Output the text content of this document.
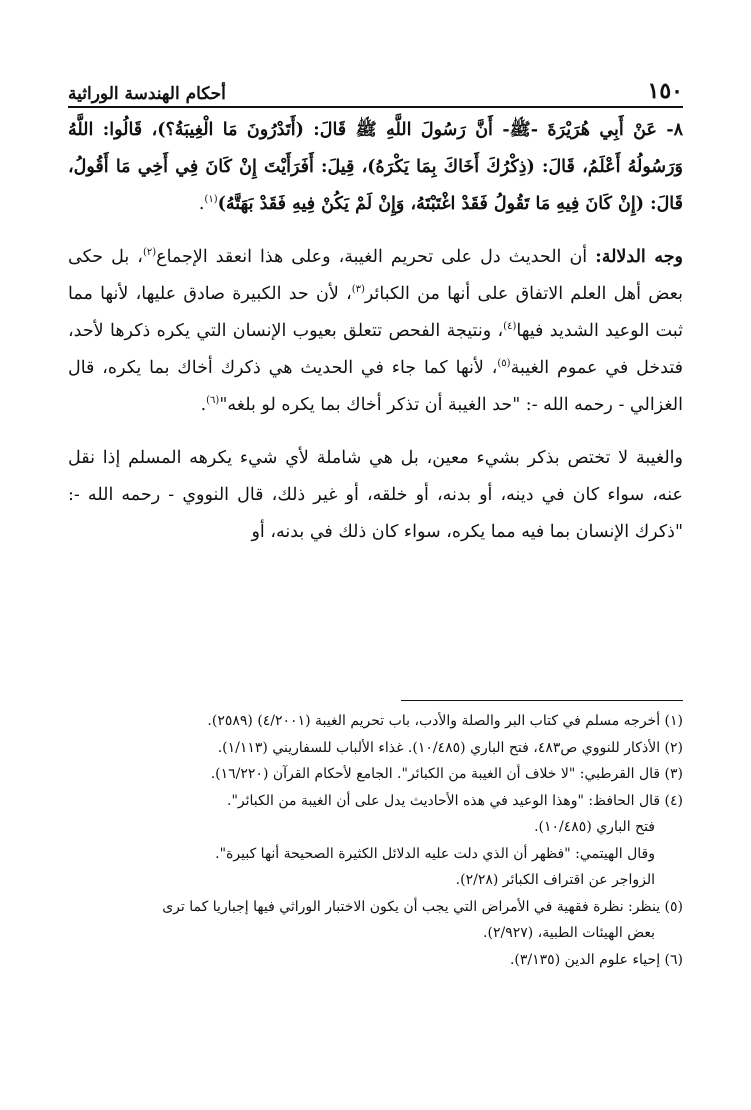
١٥٠
أحكام الهندسة الوراثية

٨- عَنْ أَبِي هُرَيْرَةَ -ﷺ- أَنَّ رَسُولَ اللَّهِ ﷺ قَالَ: (أَتَدْرُونَ مَا الْغِيبَةُ؟)، قَالُوا: اللَّهُ وَرَسُولُهُ أَعْلَمُ، قَالَ: (ذِكْرُكَ أَخَاكَ بِمَا يَكْرَهُ)، قِيلَ: أَفَرَأَيْتَ إِنْ كَانَ فِي أَخِي مَا أَقُولُ، قَالَ: (إِنْ كَانَ فِيهِ مَا تَقُولُ فَقَدْ اغْتَبْتَهُ، وَإِنْ لَمْ يَكُنْ فِيهِ فَقَدْ بَهَتَّهُ)$^{(١)}$.

وجه الدلالة: أن الحديث دل على تحريم الغيبة، وعلى هذا انعقد الإجماع$^{(٢)}$، بل حكى بعض أهل العلم الاتفاق على أنها من الكبائر$^{(٣)}$، لأن حد الكبيرة صادق عليها، لأنها مما ثبت الوعيد الشديد فيها$^{(٤)}$، ونتيجة الفحص تتعلق بعيوب الإنسان التي يكره ذكرها لأحد، فتدخل في عموم الغيبة$^{(٥)}$، لأنها كما جاء في الحديث هي ذكرك أخاك بما يكره، قال الغزالي - رحمه الله -: "حد الغيبة أن تذكر أخاك بما يكره لو بلغه"$^{(٦)}$.

والغيبة لا تختص بذكر بشيء معين، بل هي شاملة لأي شيء يكرهه المسلم إذا نقل عنه، سواء كان في دينه، أو بدنه، أو خلقه، أو غير ذلك، قال النووي - رحمه الله -: "ذكرك الإنسان بما فيه مما يكره، سواء كان ذلك في بدنه، أو

(١) أخرجه مسلم في كتاب البر والصلة والأدب، باب تحريم الغيبة (٤/٢٠٠١) (٢٥٨٩).

(٢) الأذكار للنووي ص٤٨٣، فتح الباري (١٠/٤٨٥). غذاء الألباب للسفاريني (١/١١٣).

(٣) قال القرطبي: "لا خلاف أن الغيبة من الكبائر". الجامع لأحكام القرآن (١٦/٢٢٠).

(٤) قال الحافظ: "وهذا الوعيد في هذه الأحاديث يدل على أن الغيبة من الكبائر".

فتح الباري (١٠/٤٨٥).

وقال الهيتمي: "فظهر أن الذي دلت عليه الدلائل الكثيرة الصحيحة أنها كبيرة".

الزواجر عن اقتراف الكبائر (٢/٢٨).

(٥) ينظر: نظرة فقهية في الأمراض التي يجب أن يكون الاختبار الوراثي فيها إجباريا كما ترى

بعض الهيئات الطبية، (٢/٩٢٧).

(٦) إحياء علوم الدين (٣/١٣٥).
